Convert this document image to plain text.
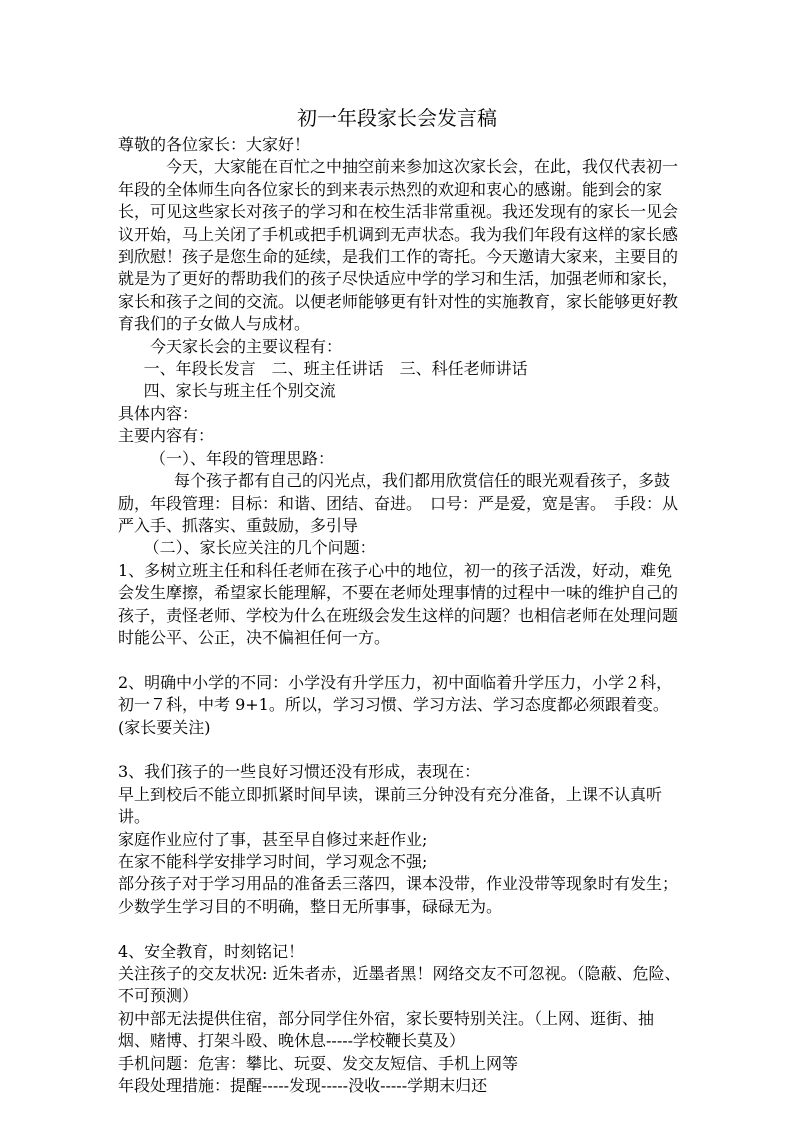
初一年段家长会发言稿

尊敬的各位家长：大家好！

今天，大家能在百忙之中抽空前来参加这次家长会，在此，我仅代表初一年段的全体师生向各位家长的到来表示热烈的欢迎和衷心的感谢。能到会的家长，可见这些家长对孩子的学习和在校生活非常重视。我还发现有的家长一见会议开始，马上关闭了手机或把手机调到无声状态。我为我们年段有这样的家长感到欣慰！孩子是您生命的延续，是我们工作的寄托。今天邀请大家来，主要目的就是为了更好的帮助我们的孩子尽快适应中学的学习和生活，加强老师和家长，家长和孩子之间的交流。以便老师能够更有针对性的实施教育，家长能够更好教育我们的子女做人与成材。

今天家长会的主要议程有：

一、年段长发言　二、班主任讲话　三、科任老师讲话

四、家长与班主任个别交流

具体内容：

主要内容有：

（一）、年段的管理思路：

每个孩子都有自己的闪光点，我们都用欣赏信任的眼光观看孩子，多鼓励，年段管理：目标：和谐、团结、奋进。　口号：严是爱，宽是害。　手段：从严入手、抓落实、重鼓励，多引导

（二）、家长应关注的几个问题：

1、多树立班主任和科任老师在孩子心中的地位，初一的孩子活泼，好动，难免会发生摩擦，希望家长能理解，不要在老师处理事情的过程中一味的维护自己的孩子，责怪老师、学校为什么在班级会发生这样的问题？也相信老师在处理问题时能公平、公正，决不偏袒任何一方。

2、明确中小学的不同：小学没有升学压力，初中面临着升学压力，小学２科，初一７科，中考 9+1。所以，学习习惯、学习方法、学习态度都必须跟着变。(家长要关注)

3、我们孩子的一些良好习惯还没有形成，表现在：

早上到校后不能立即抓紧时间早读，课前三分钟没有充分准备，上课不认真听讲。

家庭作业应付了事，甚至早自修过来赶作业;

在家不能科学安排学习时间，学习观念不强;

部分孩子对于学习用品的准备丢三落四，课本没带，作业没带等现象时有发生；

少数学生学习目的不明确，整日无所事事，碌碌无为。

4、安全教育，时刻铭记！

关注孩子的交友状况: 近朱者赤，近墨者黑！网络交友不可忽视。（隐蔽、危险、不可预测）

初中部无法提供住宿，部分同学住外宿，家长要特别关注。（上网、逛街、抽烟、赌博、打架斗殴、晚休息-----学校鞭长莫及）

手机问题：危害：攀比、玩耍、发交友短信、手机上网等

年段处理措施：提醒-----发现-----没收-----学期末归还
